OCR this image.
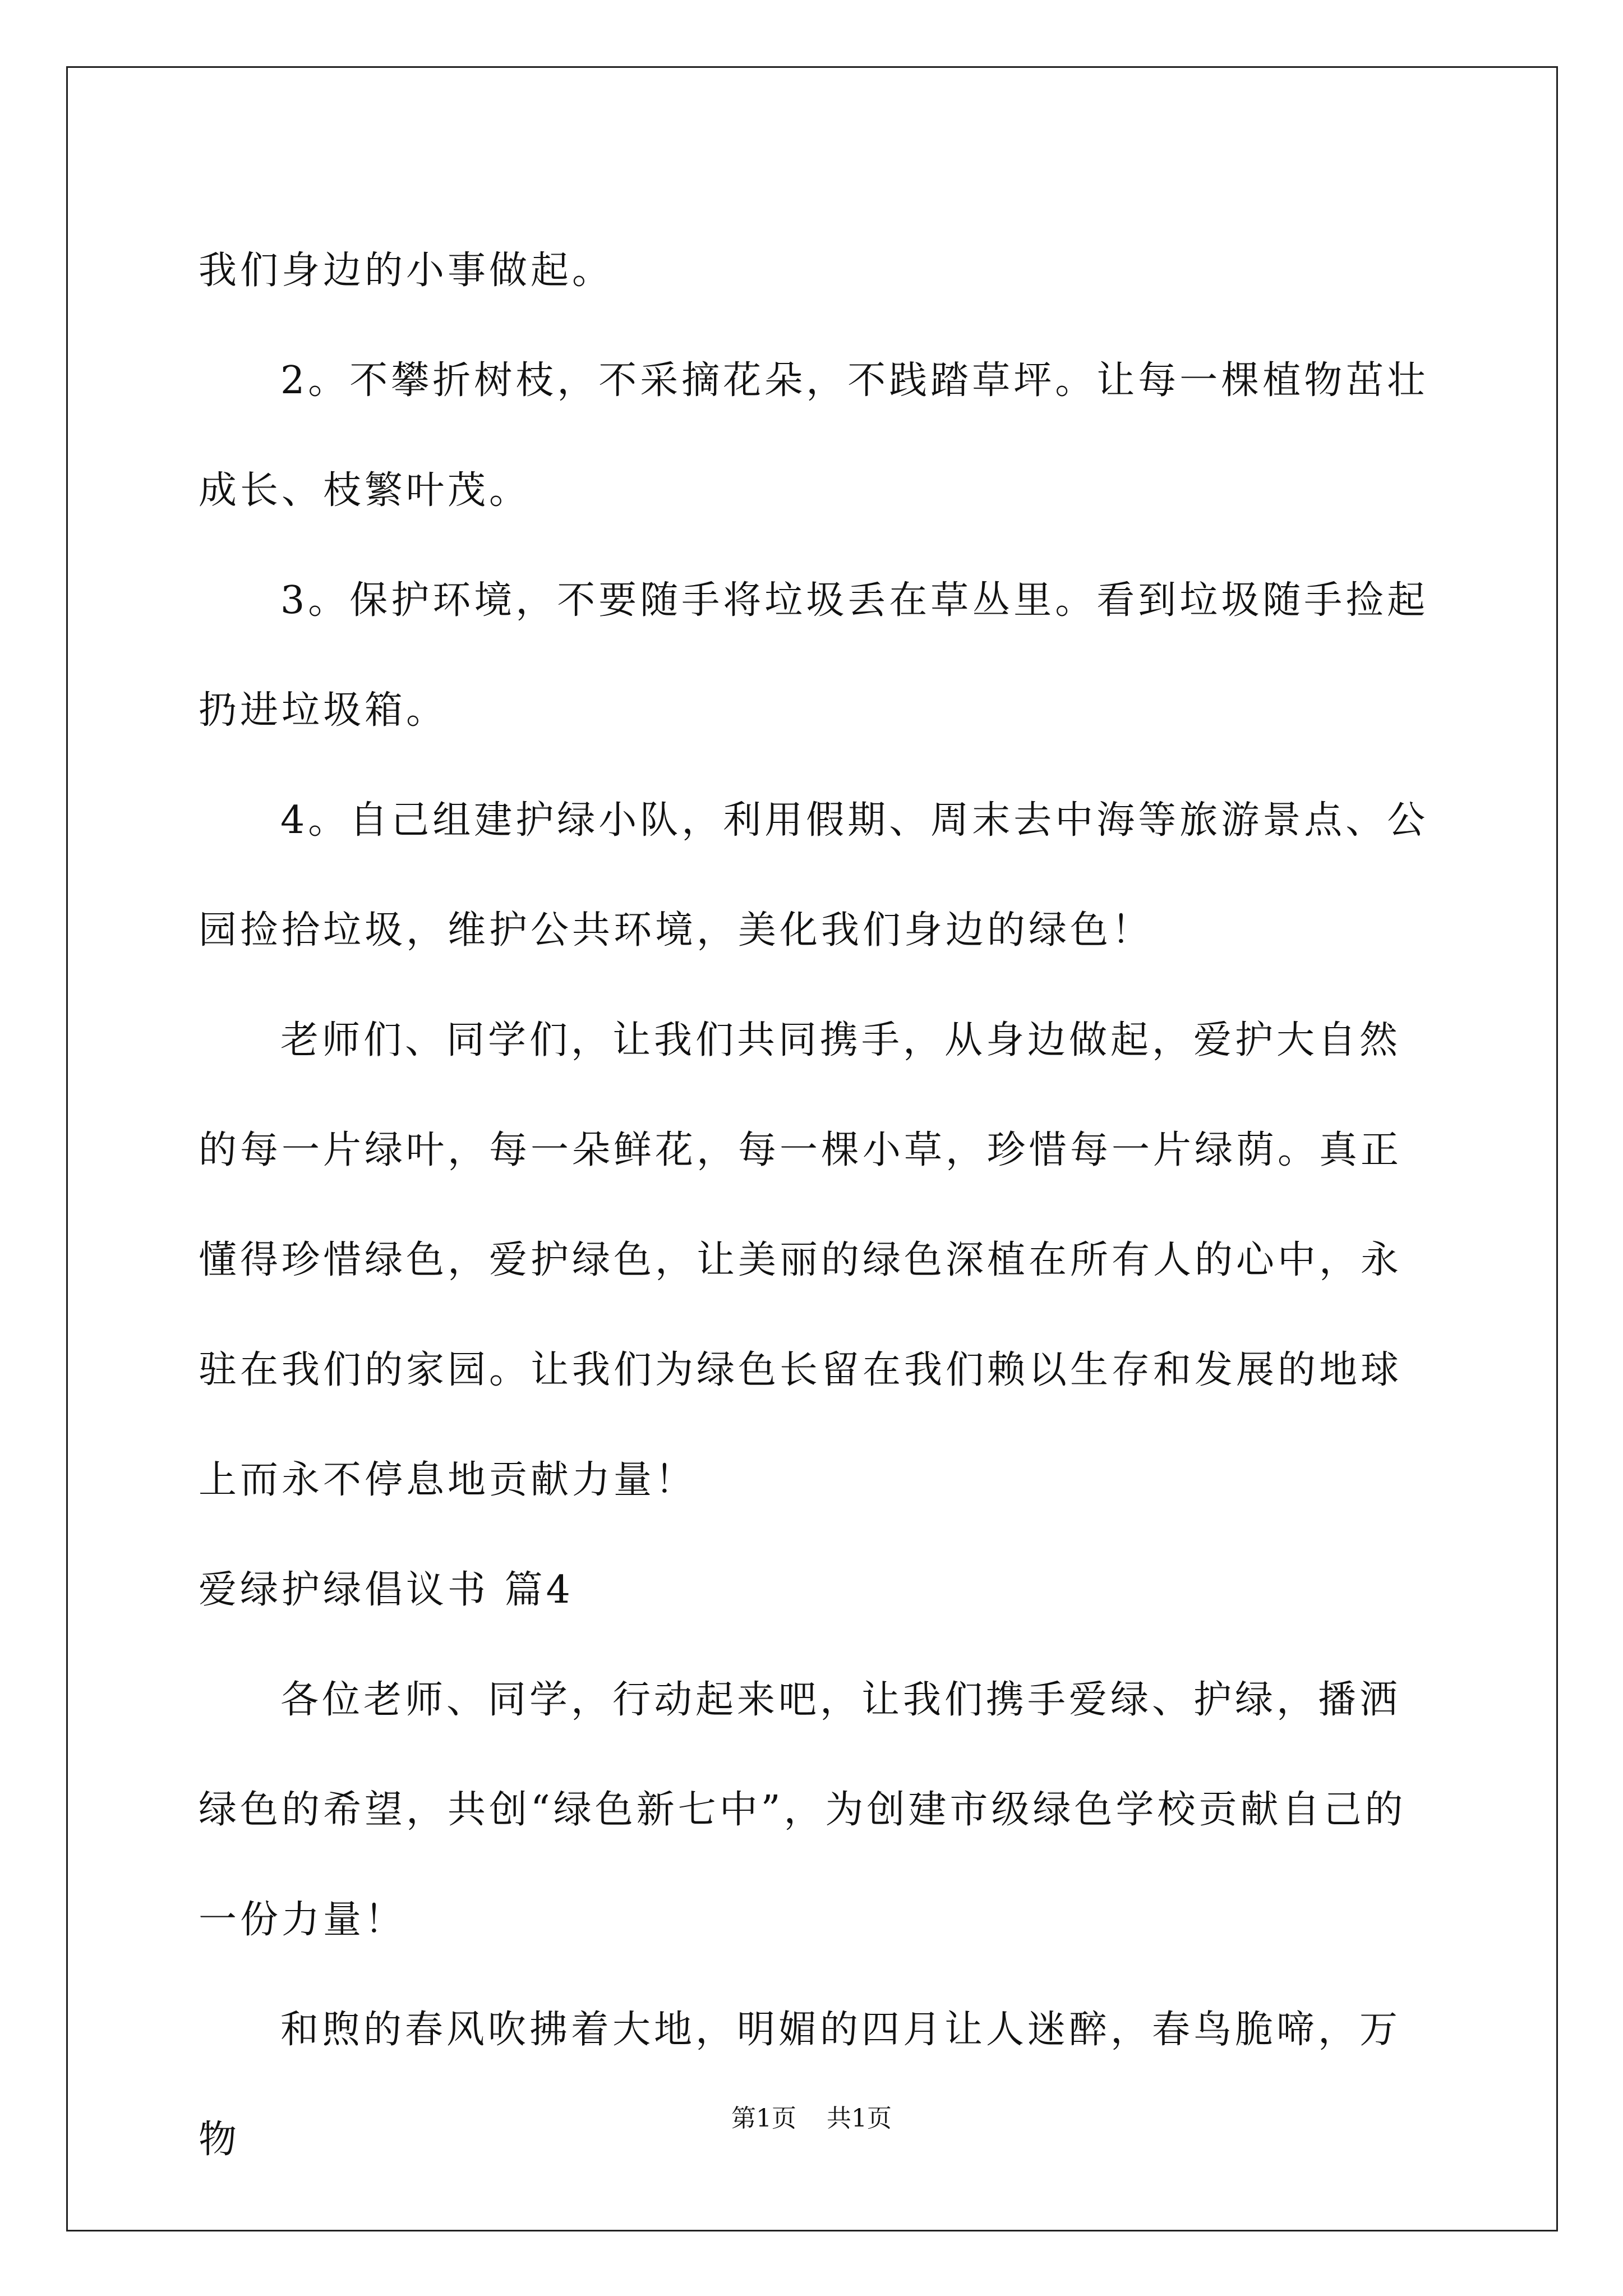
我们身边的小事做起。

2。不攀折树枝，不采摘花朵，不践踏草坪。让每一棵植物茁壮成长、枝繁叶茂。

3。保护环境，不要随手将垃圾丢在草丛里。看到垃圾随手捡起扔进垃圾箱。

4。自己组建护绿小队，利用假期、周末去中海等旅游景点、公园捡拾垃圾，维护公共环境，美化我们身边的绿色！

老师们、同学们，让我们共同携手，从身边做起，爱护大自然的每一片绿叶，每一朵鲜花，每一棵小草，珍惜每一片绿荫。真正懂得珍惜绿色，爱护绿色，让美丽的绿色深植在所有人的心中，永驻在我们的家园。让我们为绿色长留在我们赖以生存和发展的地球上而永不停息地贡献力量！

爱绿护绿倡议书 篇4

各位老师、同学，行动起来吧，让我们携手爱绿、护绿，播洒绿色的希望，共创“绿色新七中”，为创建市级绿色学校贡献自己的一份力量！

和煦的春风吹拂着大地，明媚的四月让人迷醉，春鸟脆啼，万物	第1页 共1页
